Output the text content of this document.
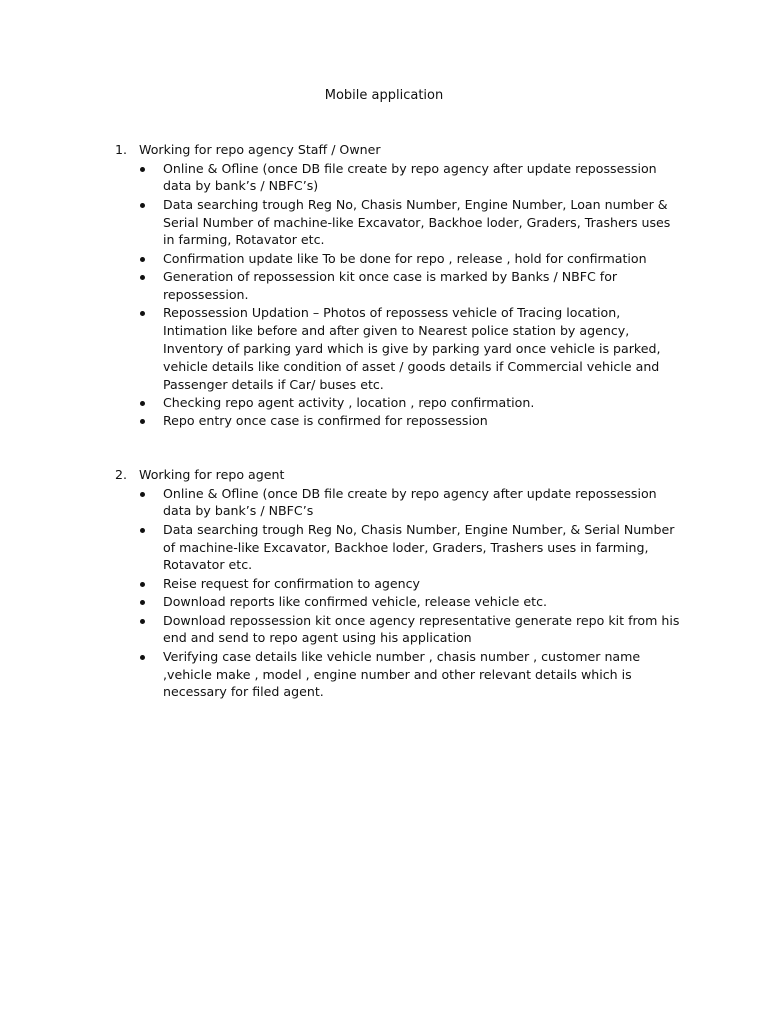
Mobile application
1. Working for repo agency Staff / Owner
Online & Ofline (once DB file create by repo agency after update repossession data by bank’s / NBFC’s)
Data searching trough Reg No, Chasis Number, Engine Number, Loan number & Serial Number of machine-like Excavator, Backhoe loder, Graders, Trashers uses in farming, Rotavator etc.
Confirmation update like To be done for repo , release , hold for confirmation
Generation of repossession kit once case is marked by Banks / NBFC for repossession.
Repossession Updation – Photos of repossess vehicle of Tracing location, Intimation like before and after given to Nearest police station by agency, Inventory of parking yard which is give by parking yard once vehicle is parked, vehicle details like condition of asset / goods details if Commercial vehicle and Passenger details if Car/ buses etc.
Checking repo agent activity , location , repo confirmation.
Repo entry once case is confirmed for repossession
2. Working for repo agent
Online & Ofline (once DB file create by repo agency after update repossession data by bank’s / NBFC’s
Data searching trough Reg No, Chasis Number, Engine Number, & Serial Number of machine-like Excavator, Backhoe loder, Graders, Trashers uses in farming, Rotavator etc.
Reise request for confirmation to agency
Download reports like confirmed vehicle, release vehicle etc.
Download repossession kit once agency representative generate repo kit from his end and send to repo agent using his application
Verifying case details like vehicle number , chasis number , customer name ,vehicle make , model , engine number and other relevant details which is necessary for filed agent.
